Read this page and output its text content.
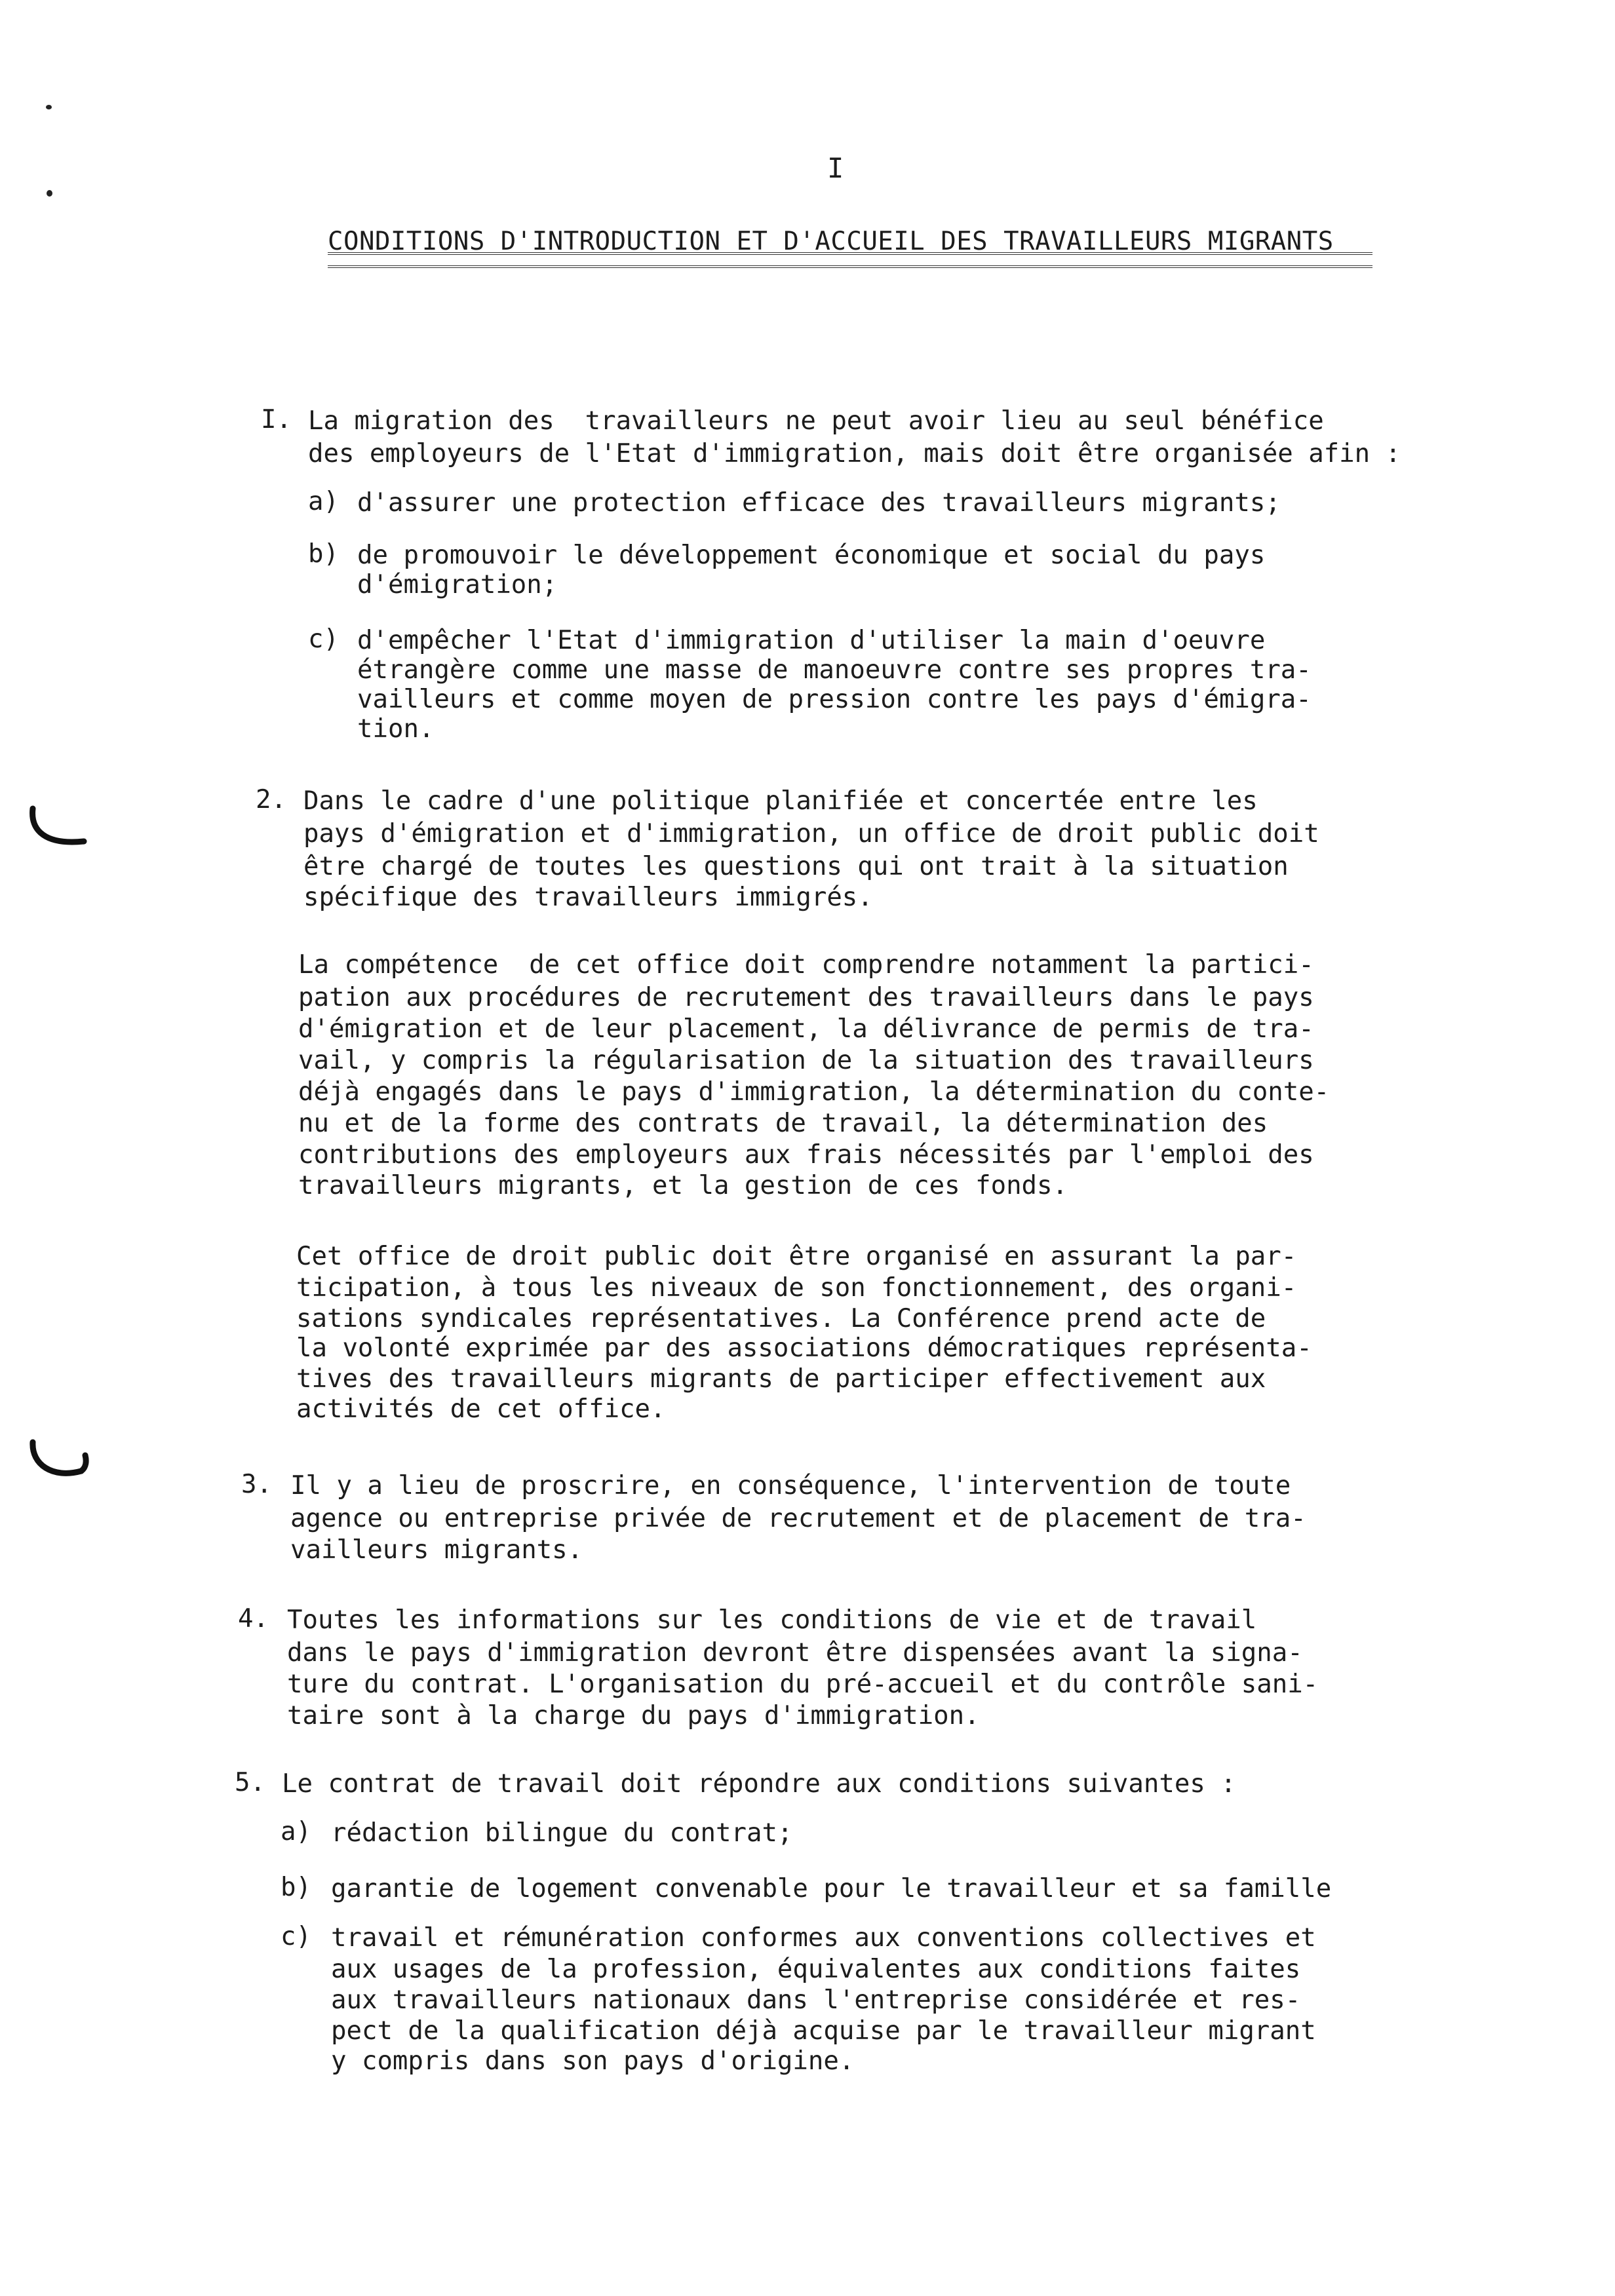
I
CONDITIONS D'INTRODUCTION ET D'ACCUEIL DES TRAVAILLEURS MIGRANTS
I. La migration des  travailleurs ne peut avoir lieu au seul bénéfice
des employeurs de l'Etat d'immigration, mais doit être organisée afin :
a) d'assurer une protection efficace des travailleurs migrants;
b) de promouvoir le développement économique et social du pays
d'émigration;
c) d'empêcher l'Etat d'immigration d'utiliser la main d'oeuvre
étrangère comme une masse de manoeuvre contre ses propres tra-
vailleurs et comme moyen de pression contre les pays d'émigra-
tion.
2. Dans le cadre d'une politique planifiée et concertée entre les
pays d'émigration et d'immigration, un office de droit public doit
être chargé de toutes les questions qui ont trait à la situation
spécifique des travailleurs immigrés.
La compétence  de cet office doit comprendre notamment la partici-
pation aux procédures de recrutement des travailleurs dans le pays
d'émigration et de leur placement, la délivrance de permis de tra-
vail, y compris la régularisation de la situation des travailleurs
déjà engagés dans le pays d'immigration, la détermination du conte-
nu et de la forme des contrats de travail, la détermination des
contributions des employeurs aux frais nécessités par l'emploi des
travailleurs migrants, et la gestion de ces fonds.
Cet office de droit public doit être organisé en assurant la par-
ticipation, à tous les niveaux de son fonctionnement, des organi-
sations syndicales représentatives. La Conférence prend acte de
la volonté exprimée par des associations démocratiques représenta-
tives des travailleurs migrants de participer effectivement aux
activités de cet office.
3. Il y a lieu de proscrire, en conséquence, l'intervention de toute
agence ou entreprise privée de recrutement et de placement de tra-
vailleurs migrants.
4. Toutes les informations sur les conditions de vie et de travail
dans le pays d'immigration devront être dispensées avant la signa-
ture du contrat. L'organisation du pré-accueil et du contrôle sani-
taire sont à la charge du pays d'immigration.
5. Le contrat de travail doit répondre aux conditions suivantes :
a) rédaction bilingue du contrat;
b) garantie de logement convenable pour le travailleur et sa famille
c) travail et rémunération conformes aux conventions collectives et
aux usages de la profession, équivalentes aux conditions faites
aux travailleurs nationaux dans l'entreprise considérée et res-
pect de la qualification déjà acquise par le travailleur migrant
y compris dans son pays d'origine.
